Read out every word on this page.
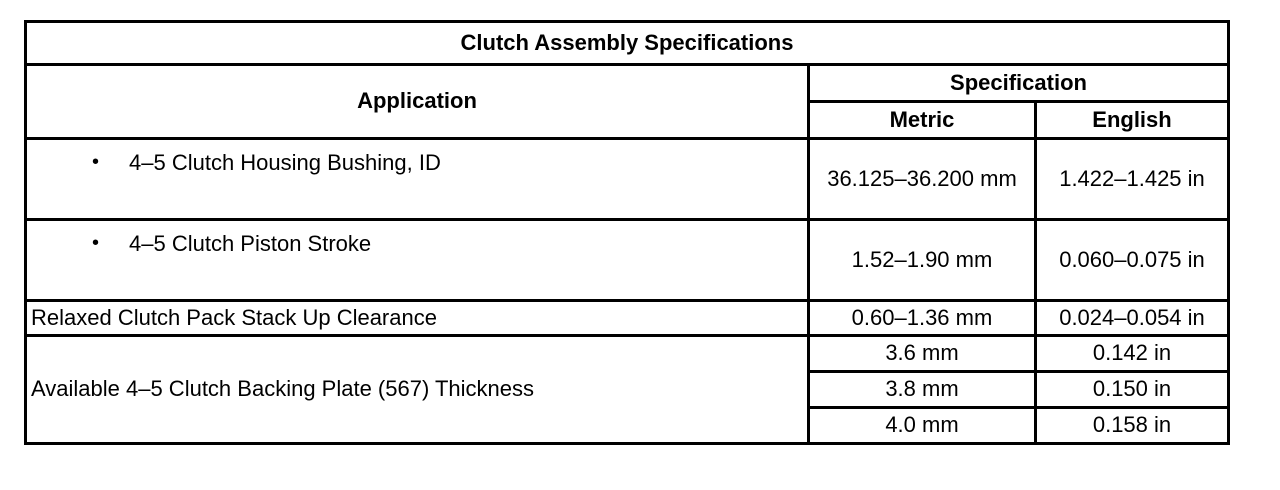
Clutch Assembly Specifications		
Application	Specification	
	Metric	English

• 4–5 Clutch Housing Bushing, ID	36.125–36.200 mm	1.422–1.425 in

• 4–5 Clutch Piston Stroke	1.52–1.90 mm	0.060–0.075 in
Relaxed Clutch Pack Stack Up Clearance	0.60–1.36 mm	0.024–0.054 in
Available 4–5 Clutch Backing Plate (567) Thickness	3.6 mm	0.142 in
	3.8 mm	0.150 in
	4.0 mm	0.158 in
